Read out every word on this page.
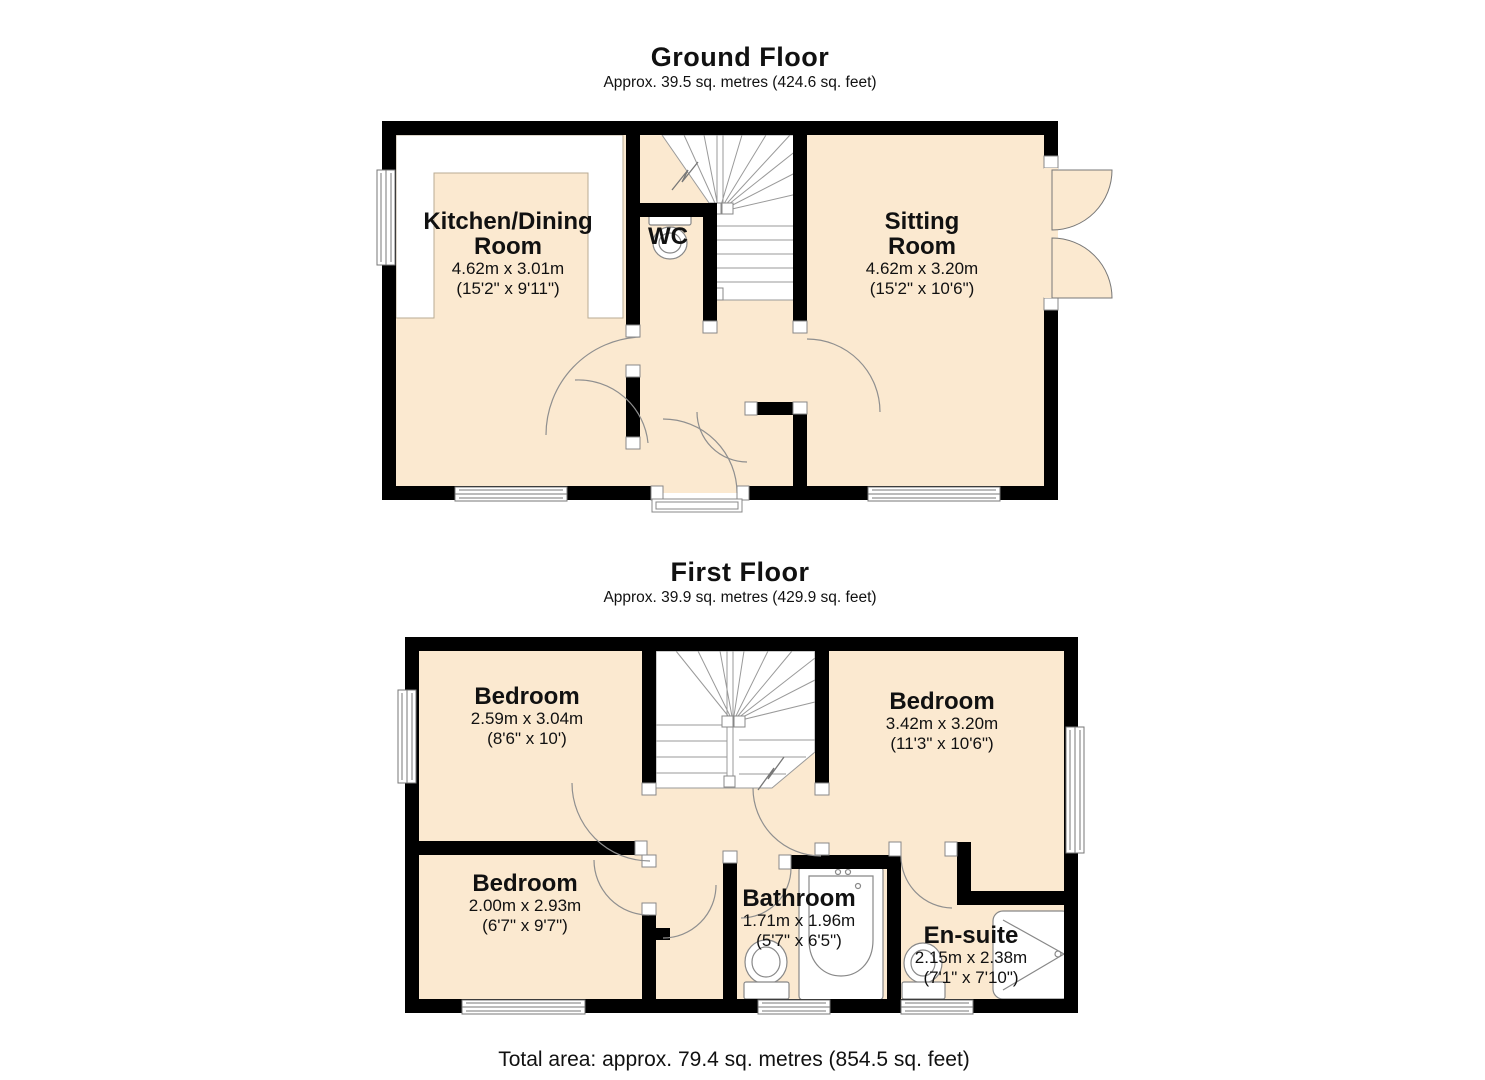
Ground Floor
Approx. 39.5 sq. metres (424.6 sq. feet)
Kitchen/Dining
Room
4.62m x 3.01m
(15'2" x 9'11")
WC
Sitting
Room
4.62m x 3.20m
(15'2" x 10'6")
First Floor
Approx. 39.9 sq. metres (429.9 sq. feet)
Bedroom
2.59m x 3.04m
(8'6" x 10')
Bedroom
3.42m x 3.20m
(11'3" x 10'6")
Bedroom
2.00m x 2.93m
(6'7" x 9'7")
Bathroom
1.71m x 1.96m
(5'7" x 6'5")	En-suite
2.15m x 2.38m
(7'1" x 7'10")
Total area: approx. 79.4 sq. metres (854.5 sq. feet)
